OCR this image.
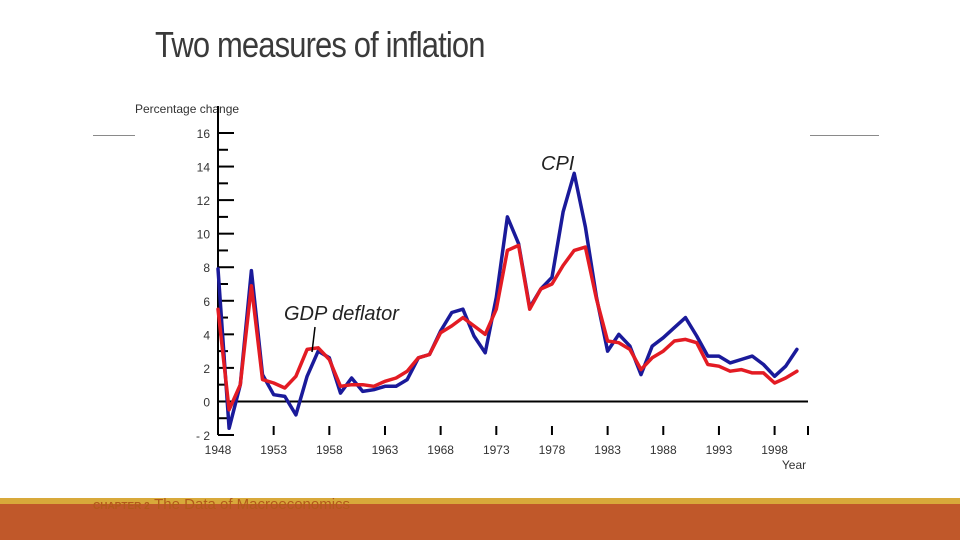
Two measures of inflation
Percentage change
- 2
0
2
4
6
8
10
12
14
16
1948 1953 1958 1963 1968 1973 1978 1983 1988 1993 1998
CPI
GDP deflator
Year
CHAPTER 2 The Data of Macroeconomics
